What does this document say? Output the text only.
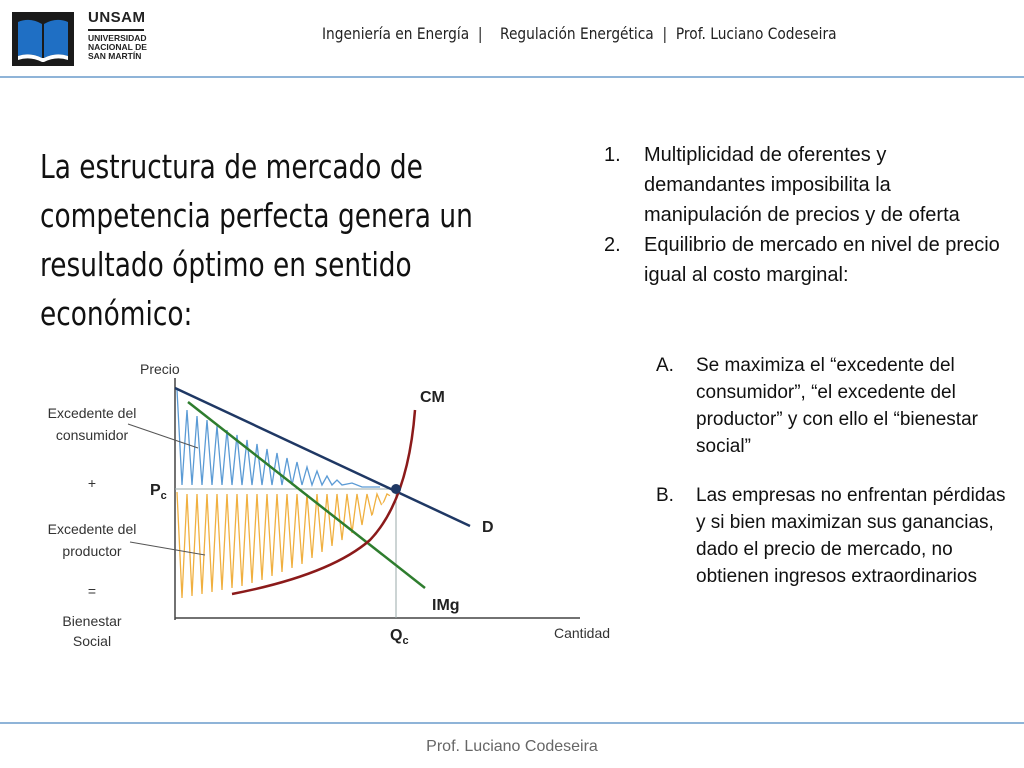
UNSAM
UNIVERSIDAD
NACIONAL DE
SAN MARTÍN
Ingeniería en Energía  |    Regulación Energética  |  Prof. Luciano Codeseira
La estructura de mercado de competencia perfecta genera un resultado óptimo en sentido económico:
Precio
Cantidad
$P_c$
$Q_c$
CM
D
IMg
Excedente del
consumidor
+
Excedente del
productor
=
Bienestar
Social
1. Multiplicidad de oferentes y demandantes imposibilita la manipulación de precios y de oferta
2. Equilibrio de mercado en nivel de precio igual al costo marginal:
A. Se maximiza el “excedente del consumidor”, “el excedente del productor” y con ello el “bienestar social”
B. Las empresas no enfrentan pérdidas y si bien maximizan sus ganancias, dado el precio de mercado, no obtienen ingresos extraordinarios
Prof. Luciano Codeseira
